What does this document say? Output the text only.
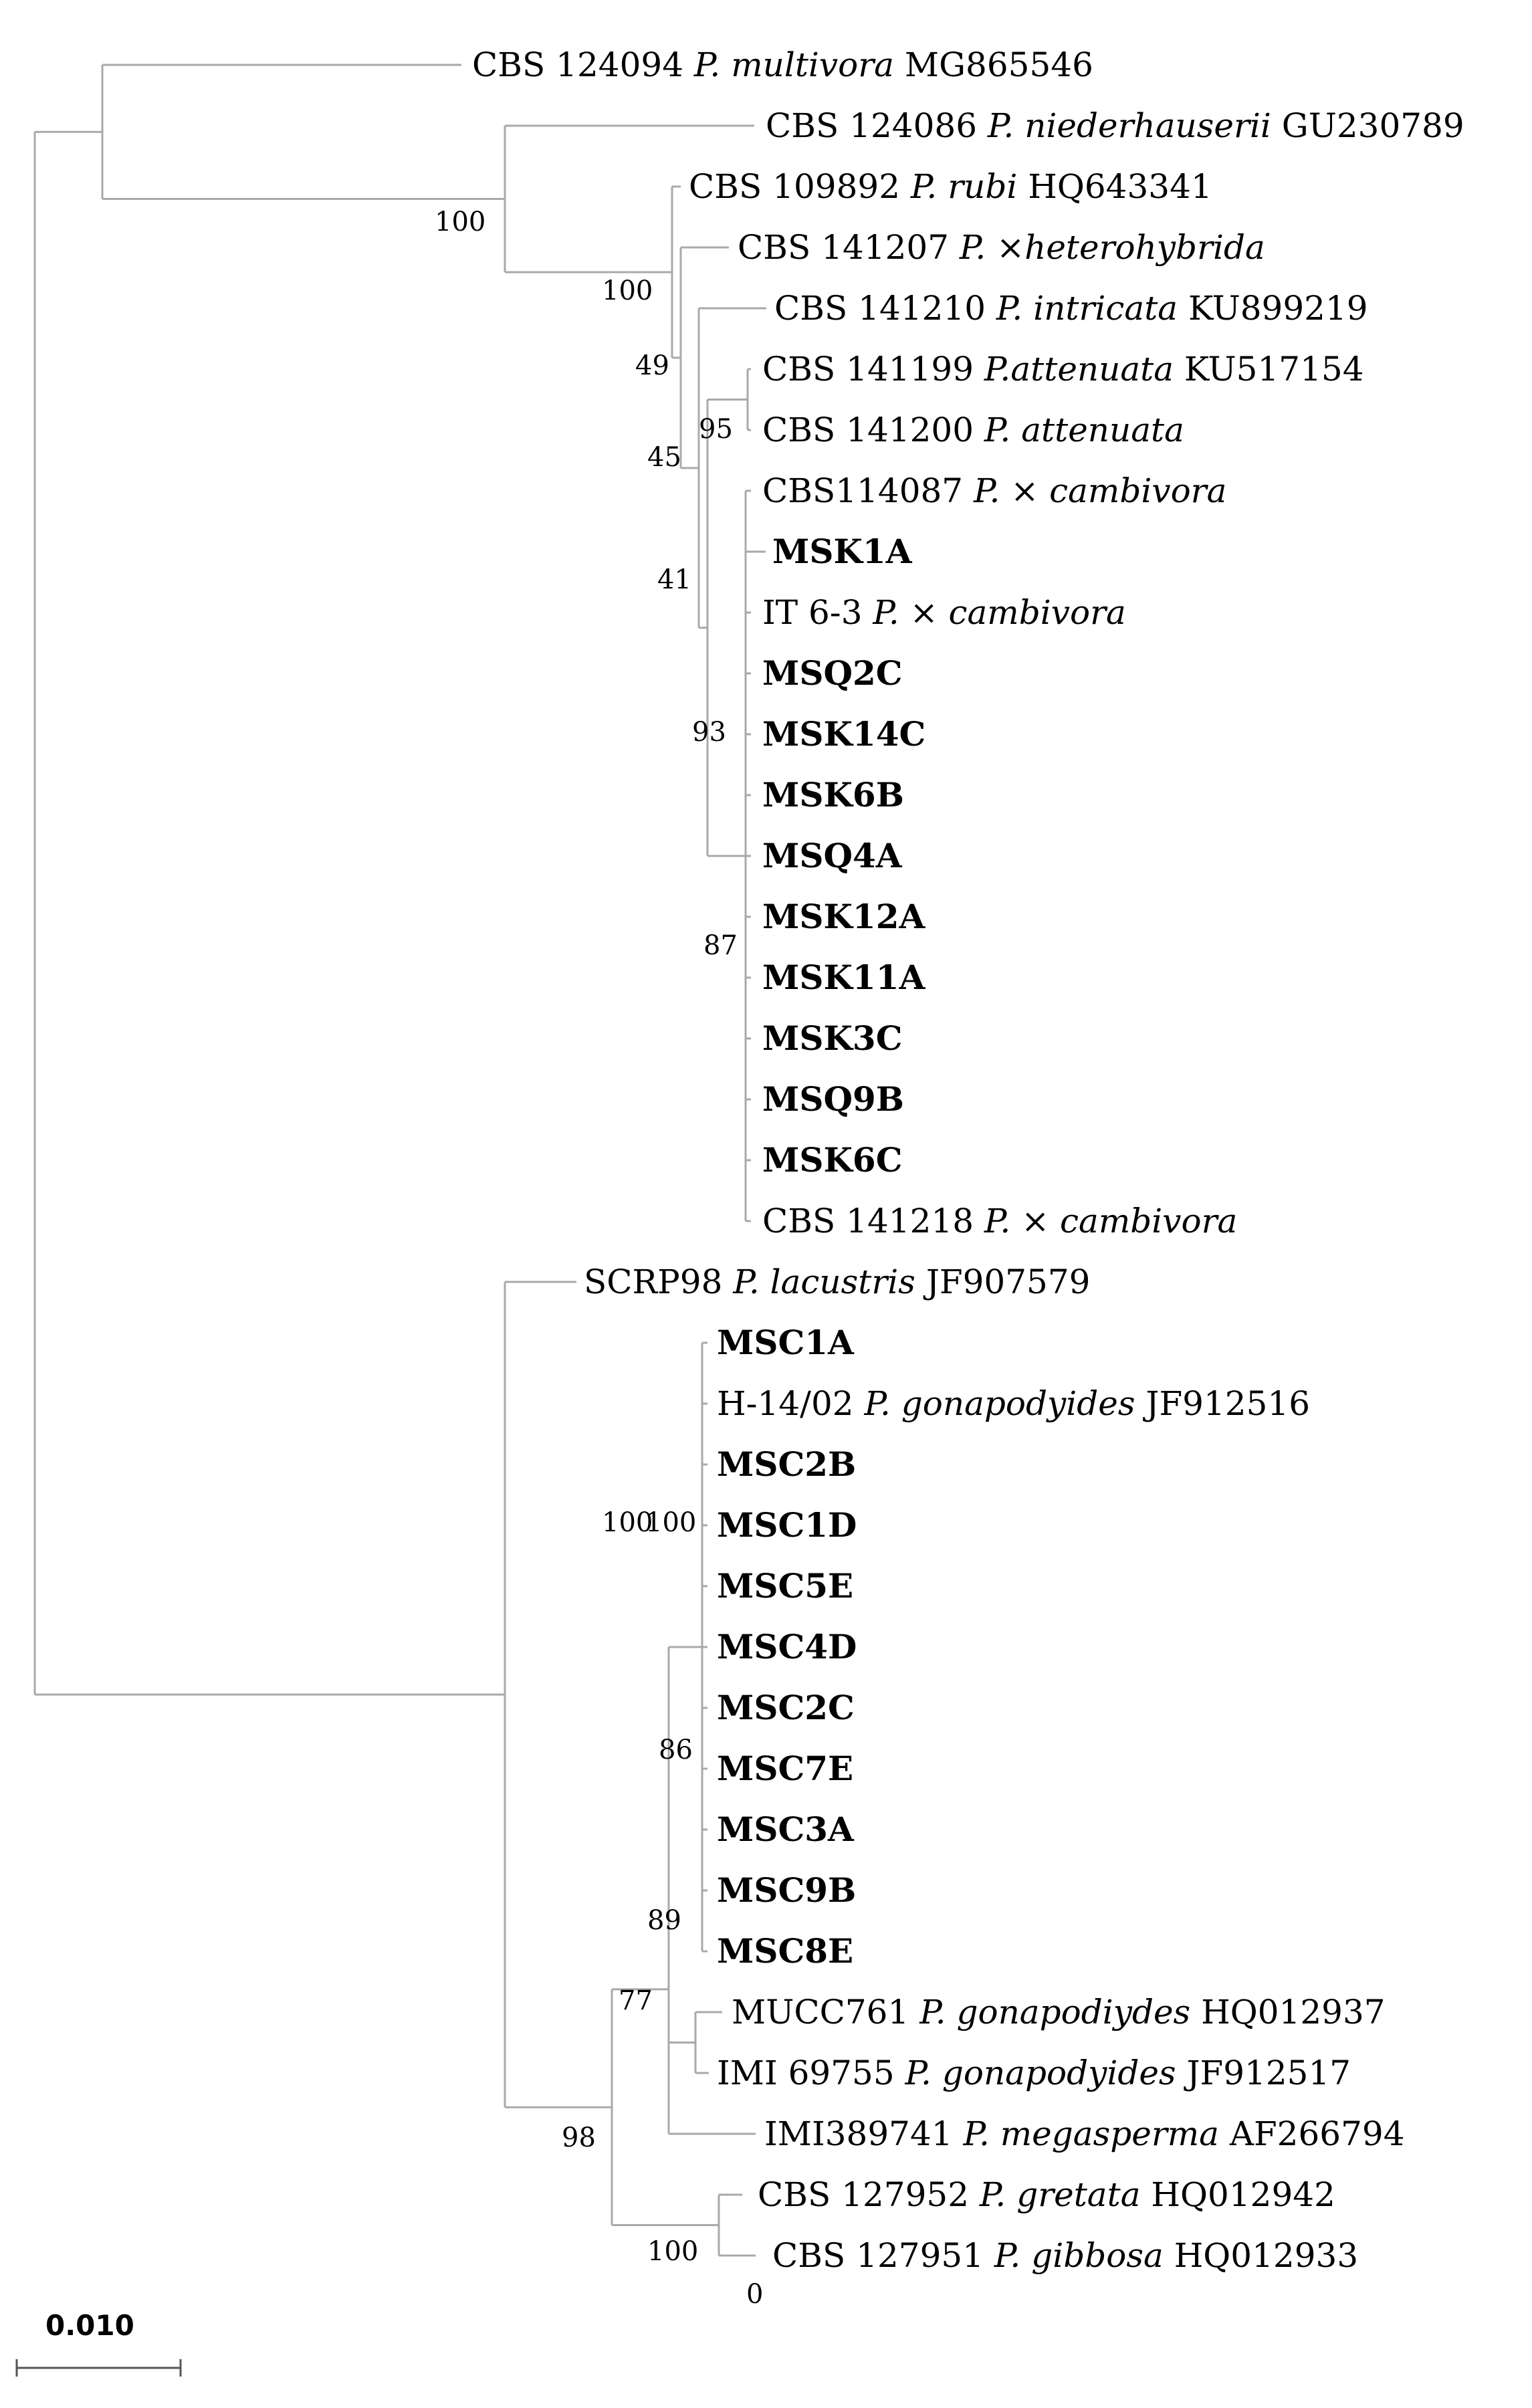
CBS 124094 P. multivora MG865546
CBS 124086 P. niederhauserii GU230789
CBS 109892 P. rubi HQ643341
CBS 141207 P. ×heterohybrida
CBS 141210 P. intricata KU899219
CBS 141199 P.attenuata KU517154
CBS 141200 P. attenuata
CBS114087 P. × cambivora
MSK1A
IT 6-3 P. × cambivora
MSQ2C
MSK14C
MSK6B
MSQ4A
MSK12A
MSK11A
MSK3C
MSQ9B
MSK6C
CBS 141218 P. × cambivora
SCRP98 P. lacustris JF907579
MSC1A
H-14/02 P. gonapodyides JF912516
MSC2B
MSC1D
MSC5E
MSC4D
MSC2C
MSC7E
MSC3A
MSC9B
MSC8E
MUCC761 P. gonapodiydes HQ012937
IMI 69755 P. gonapodyides JF912517
IMI389741 P. megasperma AF266794
CBS 127952 P. gretata HQ012942
CBS 127951 P. gibbosa HQ012933
100
100
49
95
45
41
93
87
100
100
86
89
77
98
100
0
0.010
